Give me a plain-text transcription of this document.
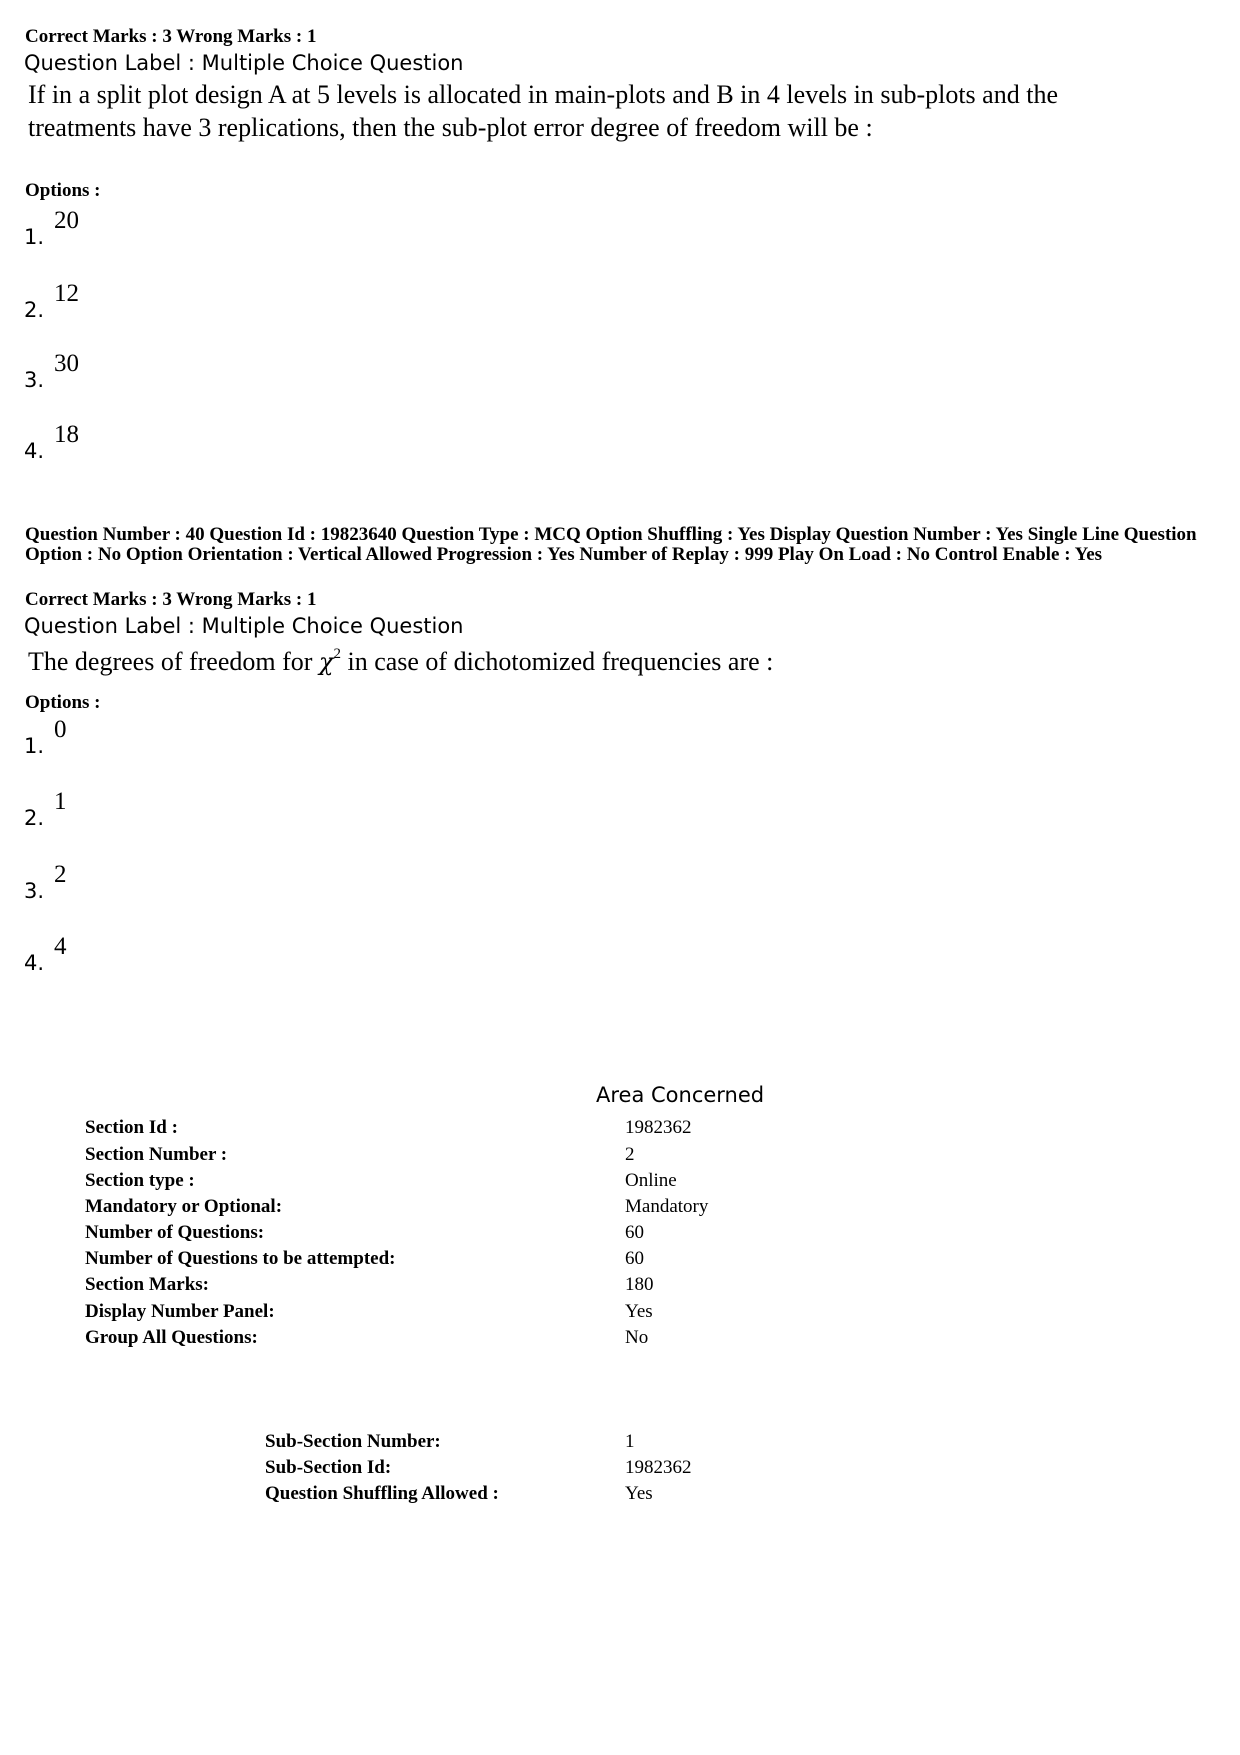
Correct Marks : 3 Wrong Marks : 1
Question Label : Multiple Choice Question
If in a split plot design A at 5 levels is allocated in main-plots and B in 4 levels in sub-plots and the treatments have 3 replications, then the sub-plot error degree of freedom will be :
Options :
1.
20
2.
12
3.
30
4.
18
Question Number : 40 Question Id : 19823640 Question Type : MCQ Option Shuffling : Yes Display Question Number : Yes Single Line Question Option : No Option Orientation : Vertical Allowed Progression : Yes Number of Replay : 999 Play On Load : No Control Enable : Yes
Correct Marks : 3 Wrong Marks : 1
Question Label : Multiple Choice Question
The degrees of freedom for $\chi^2$ in case of dichotomized frequencies are :
Options :
1.
0
2.
1
3.
2
4.
4
Area Concerned
Section Id :	1982362
Section Number :	2
Section type :	Online
Mandatory or Optional:	Mandatory
Number of Questions:	60
Number of Questions to be attempted:	60
Section Marks:	180
Display Number Panel:	Yes
Group All Questions:	No
Sub-Section Number:	1
Sub-Section Id:	1982362
Question Shuffling Allowed :	Yes
